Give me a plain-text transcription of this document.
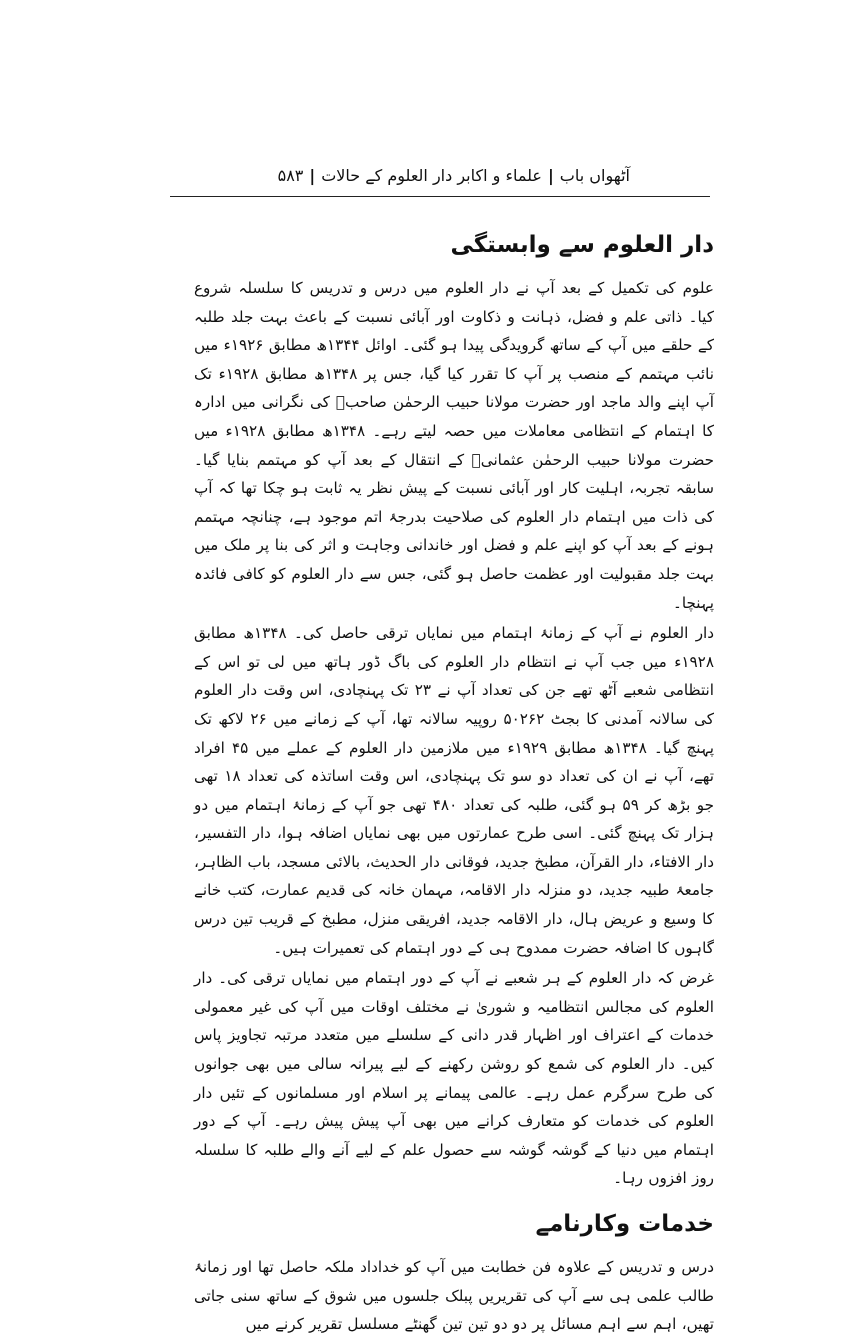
آٹھواں باب
|
علماء و اکابر دار العلوم کے حالات
|
۵۸۳
دار العلوم سے وابستگی

علوم کی تکمیل کے بعد آپ نے دار العلوم میں درس و تدریس کا سلسلہ شروع کیا۔ ذاتی علم و فضل، ذہانت و ذکاوت اور آبائی نسبت کے باعث بہت جلد طلبہ کے حلقے میں آپ کے ساتھ گرویدگی پیدا ہو گئی۔ اوائل ۱۳۴۴ھ مطابق ۱۹۲۶ء میں نائب مہتمم کے منصب پر آپ کا تقرر کیا گیا، جس پر ۱۳۴۸ھ مطابق ۱۹۲۸ء تک آپ اپنے والد ماجد اور حضرت مولانا حبیب الرحمٰن صاحبؒ کی نگرانی میں ادارہ کا اہتمام کے انتظامی معاملات میں حصہ لیتے رہے۔ ۱۳۴۸ھ مطابق ۱۹۲۸ء میں حضرت مولانا حبیب الرحمٰن عثمانیؒ کے انتقال کے بعد آپ کو مہتمم بنایا گیا۔ سابقہ تجربہ، اہلیت کار اور آبائی نسبت کے پیش نظر یہ ثابت ہو چکا تھا کہ آپ کی ذات میں اہتمام دار العلوم کی صلاحیت بدرجۂ اتم موجود ہے، چنانچہ مہتمم ہونے کے بعد آپ کو اپنے علم و فضل اور خاندانی وجاہت و اثر کی بنا پر ملک میں بہت جلد مقبولیت اور عظمت حاصل ہو گئی، جس سے دار العلوم کو کافی فائدہ پہنچا۔

دار العلوم نے آپ کے زمانۂ اہتمام میں نمایاں ترقی حاصل کی۔ ۱۳۴۸ھ مطابق ۱۹۲۸ء میں جب آپ نے انتظام دار العلوم کی باگ ڈور ہاتھ میں لی تو اس کے انتظامی شعبے آٹھ تھے جن کی تعداد آپ نے ۲۳ تک پہنچادی، اس وقت دار العلوم کی سالانہ آمدنی کا بجٹ ۵۰۲۶۲ روپیہ سالانہ تھا، آپ کے زمانے میں ۲۶ لاکھ تک پہنچ گیا۔ ۱۳۴۸ھ مطابق ۱۹۲۹ء میں ملازمین دار العلوم کے عملے میں ۴۵ افراد تھے، آپ نے ان کی تعداد دو سو تک پہنچادی، اس وقت اساتذہ کی تعداد ۱۸ تھی جو بڑھ کر ۵۹ ہو گئی، طلبہ کی تعداد ۴۸۰ تھی جو آپ کے زمانۂ اہتمام میں دو ہزار تک پہنچ گئی۔ اسی طرح عمارتوں میں بھی نمایاں اضافہ ہوا، دار التفسیر، دار الافتاء، دار القرآن، مطبخ جدید، فوقانی دار الحدیث، بالائی مسجد، باب الظاہر، جامعۂ طبیہ جدید، دو منزلہ دار الاقامہ، مہمان خانہ کی قدیم عمارت، کتب خانے کا وسیع و عریض ہال، دار الاقامہ جدید، افریقی منزل، مطبخ کے قریب تین درس گاہوں کا اضافہ حضرت ممدوح ہی کے دور اہتمام کی تعمیرات ہیں۔

غرض کہ دار العلوم کے ہر شعبے نے آپ کے دور اہتمام میں نمایاں ترقی کی۔ دار العلوم کی مجالس انتظامیہ و شوریٰ نے مختلف اوقات میں آپ کی غیر معمولی خدمات کے اعتراف اور اظہار قدر دانی کے سلسلے میں متعدد مرتبہ تجاویز پاس کیں۔ دار العلوم کی شمع کو روشن رکھنے کے لیے پیرانہ سالی میں بھی جوانوں کی طرح سرگرم عمل رہے۔ عالمی پیمانے پر اسلام اور مسلمانوں کے تئیں دار العلوم کی خدمات کو متعارف کرانے میں بھی آپ پیش پیش رہے۔ آپ کے دور اہتمام میں دنیا کے گوشہ گوشہ سے حصول علم کے لیے آنے والے طلبہ کا سلسلہ روز افزوں رہا۔

خدمات وکارنامے

درس و تدریس کے علاوہ فن خطابت میں آپ کو خداداد ملکہ حاصل تھا اور زمانۂ طالب علمی ہی سے آپ کی تقریریں پبلک جلسوں میں شوق کے ساتھ سنی جاتی تھیں، اہم سے اہم مسائل پر دو دو تین تین گھنٹے مسلسل تقریر کرنے میں
